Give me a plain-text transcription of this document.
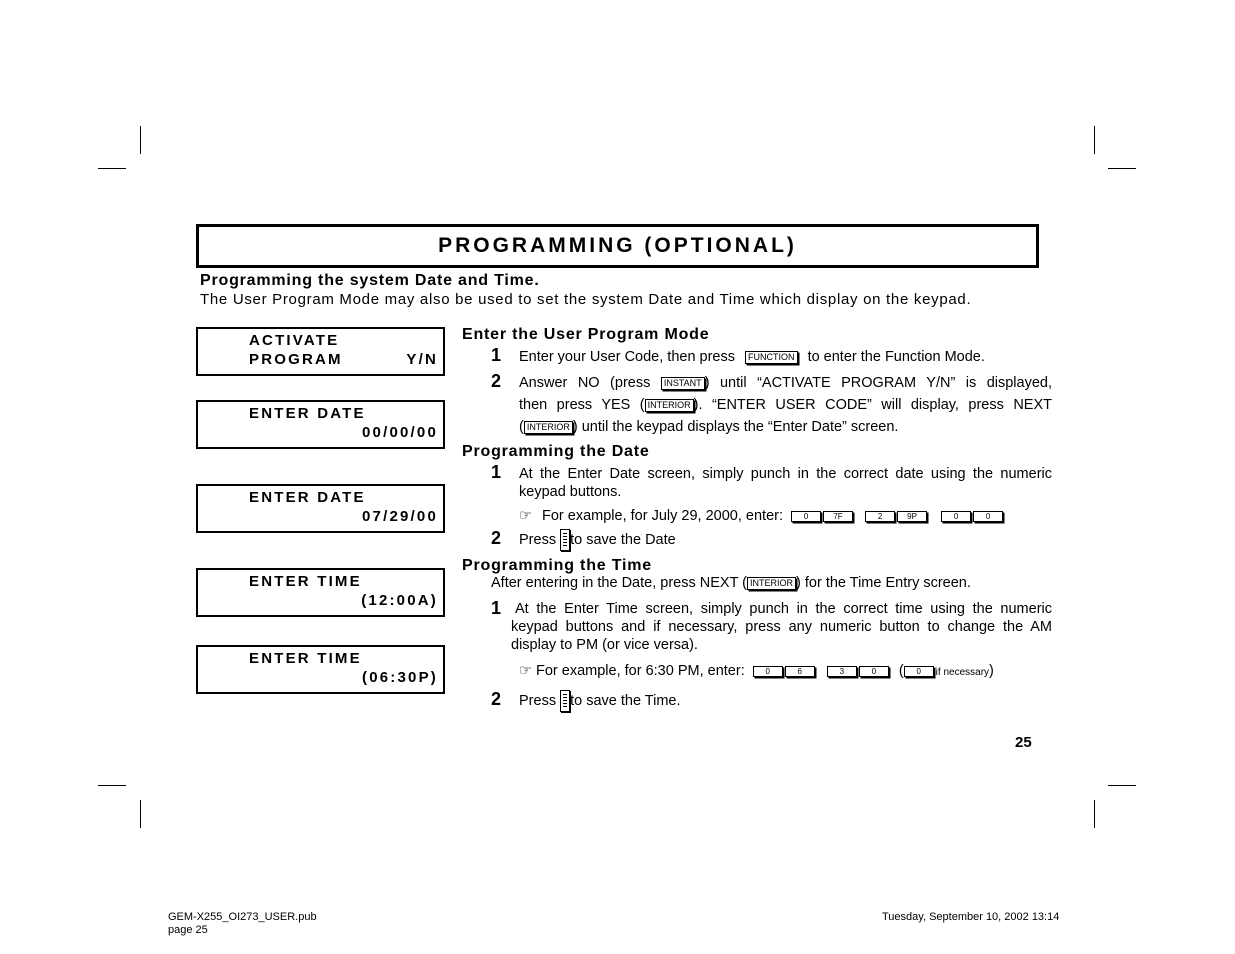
PROGRAMMING (OPTIONAL)
Programming the system Date and Time.
The User Program Mode may also be used to set the system Date and Time which display on the keypad.
ACTIVATE
PROGRAM	Y/N
ENTER DATE
00/00/00
ENTER DATE
07/29/00
ENTER TIME
(12:00A)
ENTER TIME
(06:30P)
Enter the User Program Mode
1 Enter your User Code, then press FUNCTION to enter the Function Mode.
2 Answer NO (press INSTANT ) until “ACTIVATE PROGRAM Y/N” is displayed,
then press YES ( INTERIOR ). “ENTER USER CODE” will display, press NEXT
( INTERIOR ) until the keypad displays the “Enter Date” screen.
Programming the Date
1 At the Enter Date screen, simply punch in the correct date using the numeric
keypad buttons.
☞ For example, for July 29, 2000, enter:	0	7F	2	9P	0	0
2 Press to save the Date
Programming the Time
After entering in the Date, press NEXT ( INTERIOR ) for the Time Entry screen.
1 At the Enter Time screen, simply punch in the correct time using the numeric
keypad buttons and if necessary, press any numeric button to change the AM
display to PM (or vice versa).
☞ For example, for 6:30 PM, enter:	0	6	3	0 ( 0 if necessary)
2 Press to save the Time.
25
GEM-X255_OI273_USER.pub
page 25
Tuesday, September 10, 2002 13:14
